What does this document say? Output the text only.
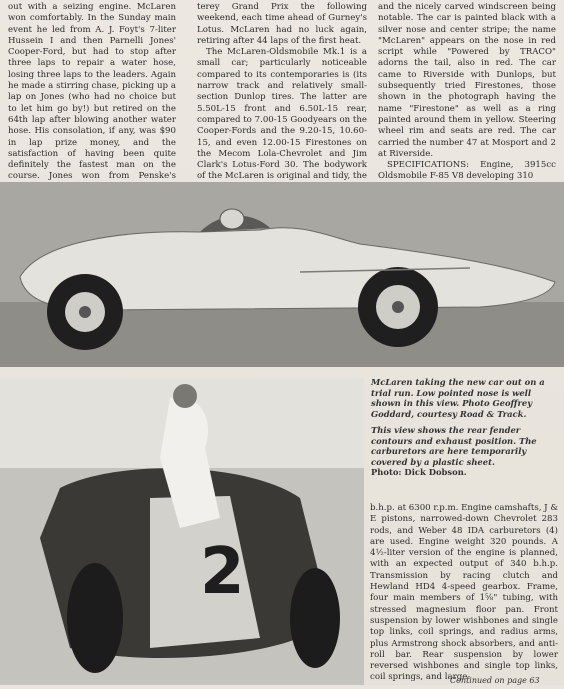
out with a seizing engine. McLaren won comfortably. In the Sunday main event he led from A. J. Foyt's 7-liter Hussein I and then Parnelli Jones' Cooper-Ford, but had to stop after three laps to repair a water hose, losing three laps to the leaders. Again he made a stirring chase, picking up a lap on Jones (who had no choice but to let him go by!) but retired on the 64th lap after blowing another water hose. His consolation, if any, was $90 in lap prize money, and the satisfaction of having been quite definitely the fastest man on the course. Jones won from Penske's

terey Grand Prix the following weekend, each time ahead of Gurney's Lotus. McLaren had no luck again, retiring after 44 laps of the first heat.

The McLaren-Oldsmobile Mk.1 is a small car; particularly noticeable compared to its contemporaries is (its narrow track and relatively small-section Dunlop tires. The latter are 5.50L-15 front and 6.50L-15 rear, compared to 7.00-15 Goodyears on the Cooper-Fords and the 9.20-15, 10.60-15, and even 12.00-15 Firestones on the Mecom Lola-Chevrolet and Jim Clark's Lotus-Ford 30. The bodywork of the McLaren is original and tidy, the

and the nicely carved windscreen being notable. The car is painted black with a silver nose and center stripe; the name "McLaren" appears on the nose in red script while "Powered by TRACO" adorns the tail, also in red. The car came to Riverside with Dunlops, but subsequently tried Firestones, those shown in the photograph having the name "Firestone" as well as a ring painted around them in yellow. Steering wheel rim and seats are red. The car carried the number 47 at Mosport and 2 at Riverside.

SPECIFICATIONS: Engine, 3915cc Oldsmobile F-85 V8 developing 310

2
McLaren taking the new car out on a trial run. Low pointed nose is well shown in this view. Photo Geoffrey Goddard, courtesy Road & Track.
This view shows the rear fender contours and exhaust position. The carburetors are here temporarily covered by a plastic sheet.
Photo: Dick Dobson.

b.h.p. at 6300 r.p.m. Engine camshafts, J & E pistons, narrowed-down Chevrolet 283 rods, and Weber 48 IDA carburetors (4) are used. Engine weight 320 pounds. A 4½-liter version of the engine is planned, with an expected output of 340 b.h.p. Transmission by racing clutch and Hewland HD4 4-speed gearbox. Frame, four main members of 1⅝" tubing, with stressed magnesium floor pan. Front suspension by lower wishbones and single top links, coil springs, and radius arms, plus Armstrong shock absorbers, and anti-roll bar. Rear suspension by lower reversed wishbones and single top links, coil springs, and large-

Continued on page 63
